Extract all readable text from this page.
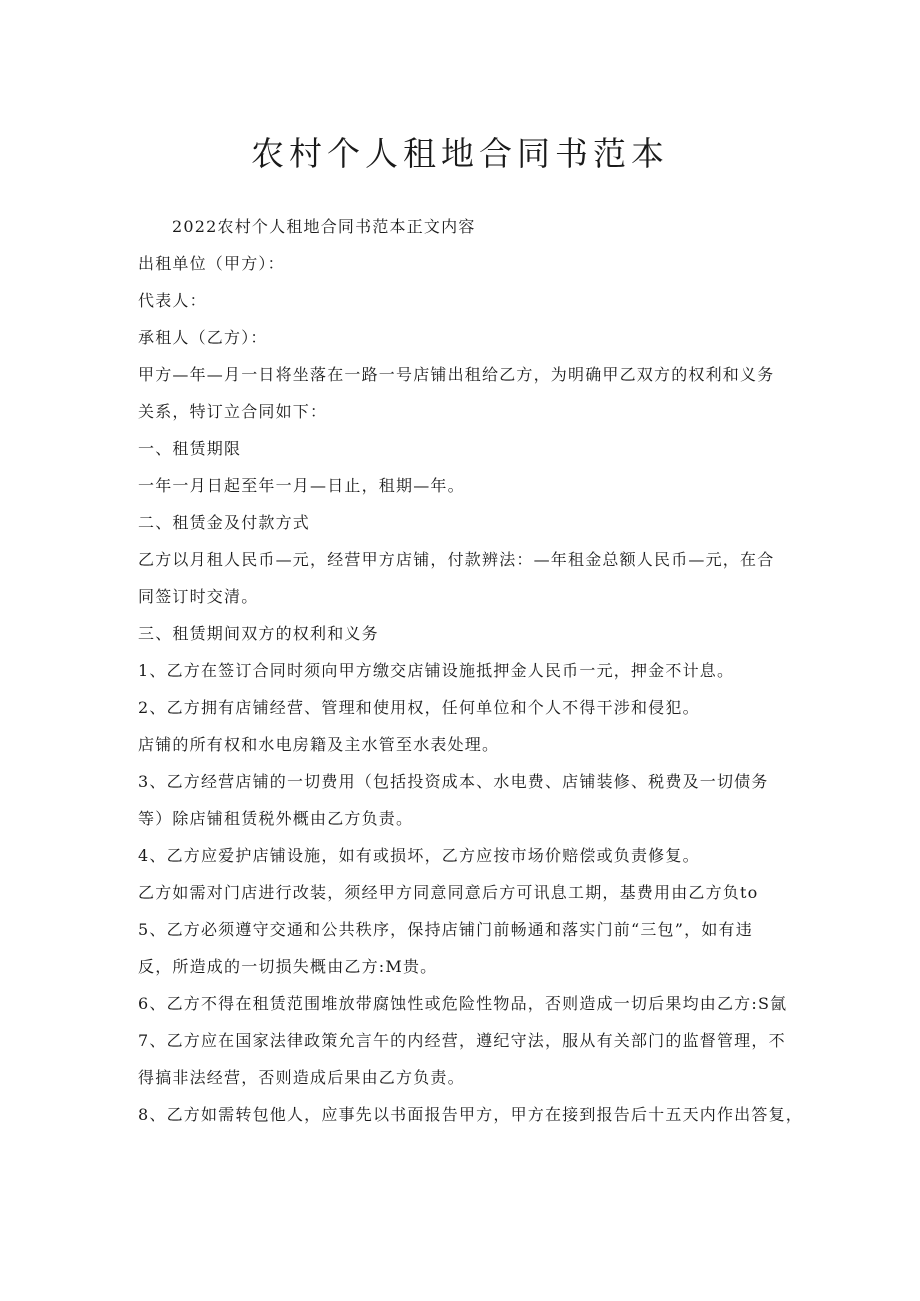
农村个人租地合同书范本
2022农村个人租地合同书范本正文内容
出租单位（甲方）：
代表人：
承租人（乙方）：
甲方—年—月一日将坐落在一路一号店铺出租给乙方，为明确甲乙双方的权利和义务
关系，特订立合同如下：
一、租赁期限
一年一月日起至年一月—日止，租期—年。
二、租赁金及付款方式
乙方以月租人民币—元，经营甲方店铺，付款辨法：—年租金总额人民币—元，在合
同签订时交清。
三、租赁期间双方的权利和义务
1、乙方在签订合同时须向甲方缴交店铺设施抵押金人民币一元，押金不计息。
2、乙方拥有店铺经营、管理和使用权，任何单位和个人不得干涉和侵犯。
店铺的所有权和水电房籍及主水管至水表处理。
3、乙方经营店铺的一切费用（包括投资成本、水电费、店铺装修、税费及一切债务
等）除店铺租赁税外概由乙方负责。
4、乙方应爱护店铺设施，如有或损坏，乙方应按市场价赔偿或负责修复。
乙方如需对门店进行改装，须经甲方同意同意后方可讯息工期，基费用由乙方负to
5、乙方必须遵守交通和公共秩序，保持店铺门前畅通和落实门前“三包”，如有违
反，所造成的一切损失概由乙方:M贵。
6、乙方不得在租赁范围堆放带腐蚀性或危险性物品，否则造成一切后果均由乙方:S氤
7、乙方应在国家法律政策允言午的内经营，遵纪守法，服从有关部门的监督管理，不
得搞非法经营，否则造成后果由乙方负责。
8、乙方如需转包他人，应事先以书面报告甲方，甲方在接到报告后十五天内作出答复，
